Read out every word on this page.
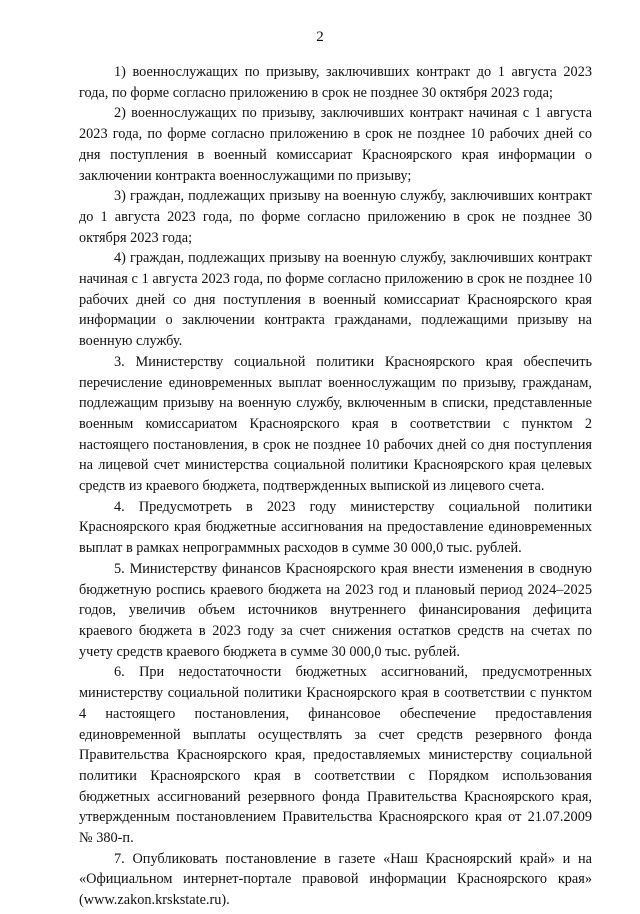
2

1) военнослужащих по призыву, заключивших контракт до 1 августа 2023 года, по форме согласно приложению в срок не позднее 30 октября 2023 года;

2) военнослужащих по призыву, заключивших контракт начиная с 1 августа 2023 года, по форме согласно приложению в срок не позднее 10 рабочих дней со дня поступления в военный комиссариат Красноярского края информации о заключении контракта военнослужащими по призыву;

3) граждан, подлежащих призыву на военную службу, заключивших контракт до 1 августа 2023 года, по форме согласно приложению в срок не позднее 30 октября 2023 года;

4) граждан, подлежащих призыву на военную службу, заключивших контракт начиная с 1 августа 2023 года, по форме согласно приложению в срок не позднее 10 рабочих дней со дня поступления в военный комиссариат Красноярского края информации о заключении контракта гражданами, подлежащими призыву на военную службу.

3. Министерству социальной политики Красноярского края обеспечить перечисление единовременных выплат военнослужащим по призыву, гражданам, подлежащим призыву на военную службу, включенным в списки, представленные военным комиссариатом Красноярского края в соответствии с пунктом 2 настоящего постановления, в срок не позднее 10 рабочих дней со дня поступления на лицевой счет министерства социальной политики Красноярского края целевых средств из краевого бюджета, подтвержденных выпиской из лицевого счета.

4. Предусмотреть в 2023 году министерству социальной политики Красноярского края бюджетные ассигнования на предоставление единовременных выплат в рамках непрограммных расходов в сумме 30 000,0 тыс. рублей.

5. Министерству финансов Красноярского края внести изменения в сводную бюджетную роспись краевого бюджета на 2023 год и плановый период 2024–2025 годов, увеличив объем источников внутреннего финансирования дефицита краевого бюджета в 2023 году за счет снижения остатков средств на счетах по учету средств краевого бюджета в сумме 30 000,0 тыс. рублей.

6. При недостаточности бюджетных ассигнований, предусмотренных министерству социальной политики Красноярского края в соответствии с пунктом 4 настоящего постановления, финансовое обеспечение предоставления единовременной выплаты осуществлять за счет средств резервного фонда Правительства Красноярского края, предоставляемых министерству социальной политики Красноярского края в соответствии с Порядком использования бюджетных ассигнований резервного фонда Правительства Красноярского края, утвержденным постановлением Правительства Красноярского края от 21.07.2009 № 380-п.

7. Опубликовать постановление в газете «Наш Красноярский край» и на «Официальном интернет-портале правовой информации Красноярского края» (www.zakon.krskstate.ru).
